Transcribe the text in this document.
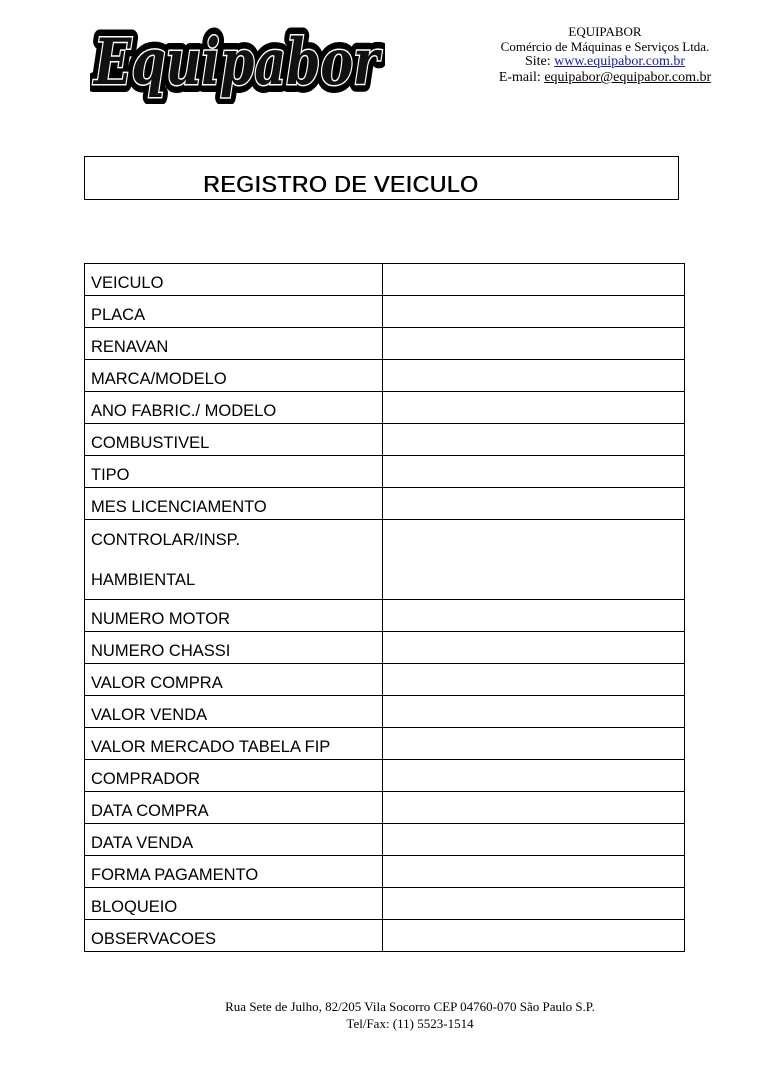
Equipabor
Equipabor
Equipabor	EQUIPABOR
Comércio de Máquinas e Serviços Ltda.
Site: www.equipabor.com.br
E-mail: equipabor@equipabor.com.br
REGISTRO DE VEICULO
VEICULO	
PLACA	
RENAVAN	
MARCA/MODELO	
ANO FABRIC./ MODELO	
COMBUSTIVEL	
TIPO	
MES LICENCIAMENTO	
CONTROLAR/INSP.

HAMBIENTAL	
NUMERO MOTOR	
NUMERO CHASSI	
VALOR COMPRA	
VALOR VENDA	
VALOR MERCADO TABELA FIP	
COMPRADOR	
DATA COMPRA	
DATA VENDA	
FORMA PAGAMENTO	
BLOQUEIO	
OBSERVACOES	
Rua Sete de Julho, 82/205 Vila Socorro CEP 04760-070 São Paulo S.P.
Tel/Fax: (11) 5523-1514
